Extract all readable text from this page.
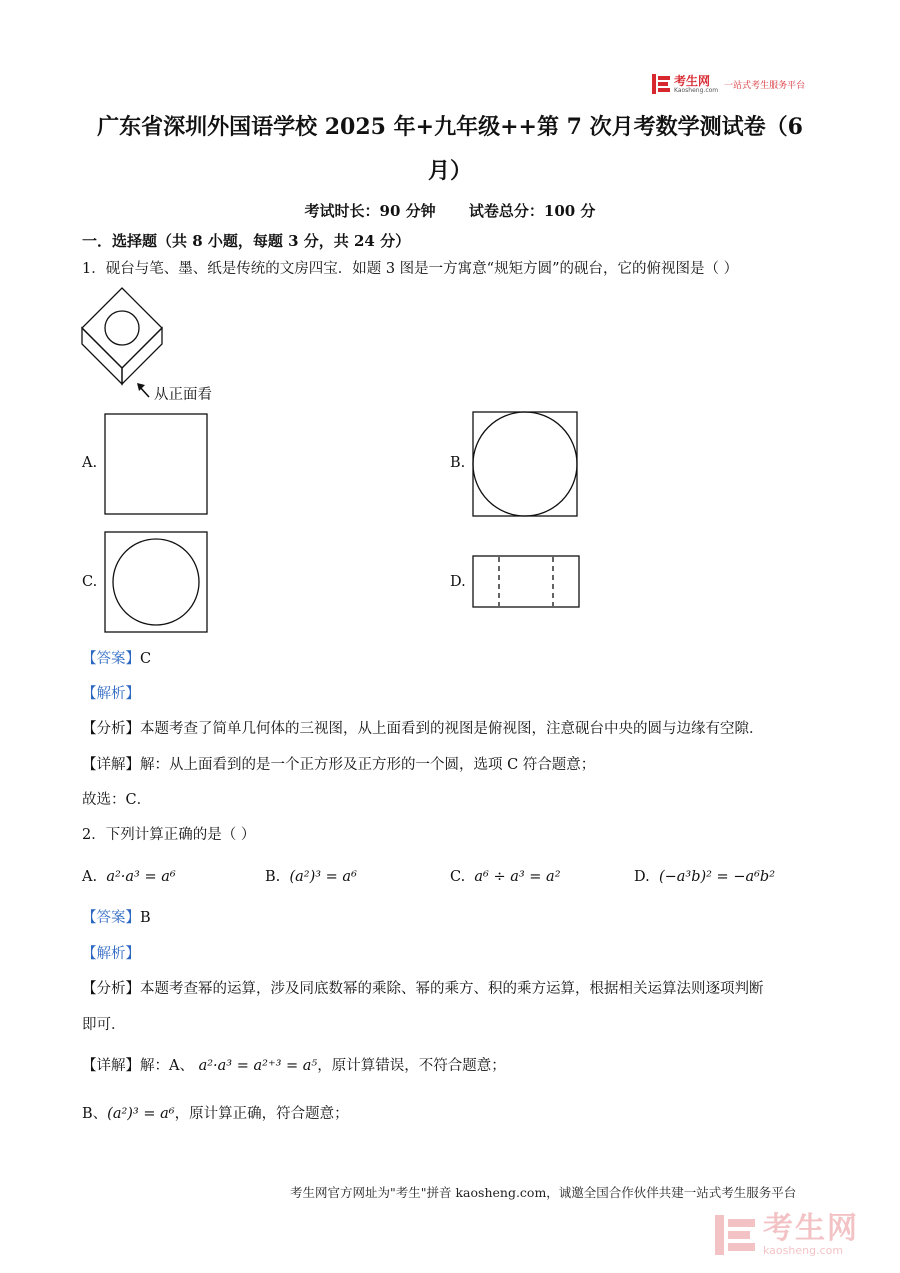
考生网
Kaosheng.com 一站式考生服务平台
广东省深圳外国语学校 2025 年+九年级++第 7 次月考数学测试卷（6
月）
考试时长：90 分钟 试卷总分：100 分
一．选择题（共 8 小题，每题 3 分，共 24 分）
1．砚台与笔、墨、纸是传统的文房四宝．如题 3 图是一方寓意“规矩方圆”的砚台，它的俯视图是（ ）
从正面看
A.	B.
C.	D.
【答案】C
【解析】
【分析】本题考查了简单几何体的三视图，从上面看到的视图是俯视图，注意砚台中央的圆与边缘有空隙．
【详解】解：从上面看到的是一个正方形及正方形的一个圆，选项 C 符合题意；
故选：C．
2．下列计算正确的是（ ）
A. a²·a³ = a⁶	B. (a²)³ = a⁶	C. a⁶ ÷ a³ = a²	D. (−a³b)² = −a⁶b²
【答案】B
【解析】
【分析】本题考查幂的运算，涉及同底数幂的乘除、幂的乘方、积的乘方运算，根据相关运算法则逐项判断
即可．
【详解】解：A、 a²·a³ = a²⁺³ = a⁵，原计算错误，不符合题意；
B、(a²)³ = a⁶，原计算正确，符合题意；
考生网官方网址为"考生"拼音 kaosheng.com，诚邀全国合作伙伴共建一站式考生服务平台
考生网
kaosheng.com
